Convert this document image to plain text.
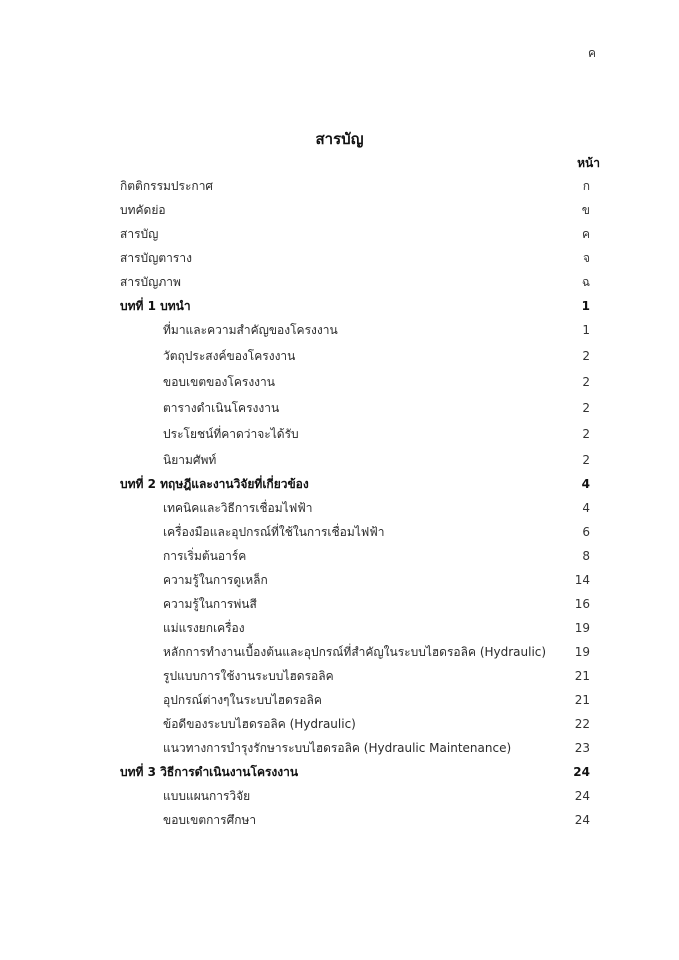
ค
สารบัญ
หน้า
กิตติกรรมประกาศ	ก
บทคัดย่อ	ข
สารบัญ	ค
สารบัญตาราง	จ
สารบัญภาพ	ฉ
บทที่ 1 บทนำ	1
ที่มาและความสำคัญของโครงงาน	1
วัตถุประสงค์ของโครงงาน	2
ขอบเขตของโครงงาน	2
ตารางดำเนินโครงงาน	2
ประโยชน์ที่คาดว่าจะได้รับ	2
นิยามศัพท์	2
บทที่ 2 ทฤษฎีและงานวิจัยที่เกี่ยวข้อง	4
เทคนิคและวิธีการเชื่อมไฟฟ้า	4
เครื่องมือและอุปกรณ์ที่ใช้ในการเชื่อมไฟฟ้า	6
การเริ่มต้นอาร์ค	8
ความรู้ในการดูเหล็ก	14
ความรู้ในการพ่นสี	16
แม่แรงยกเครื่อง	19
หลักการทำงานเบื้องต้นและอุปกรณ์ที่สำคัญในระบบไฮดรอลิค (Hydraulic)	19
รูปแบบการใช้งานระบบไฮดรอลิค	21
อุปกรณ์ต่างๆในระบบไฮดรอลิค	21
ข้อดีของระบบไฮดรอลิค (Hydraulic)	22
แนวทางการบำรุงรักษาระบบไฮดรอลิค (Hydraulic Maintenance)	23
บทที่ 3 วิธีการดำเนินงานโครงงาน	24
แบบแผนการวิจัย	24
ขอบเขตการศึกษา	24
